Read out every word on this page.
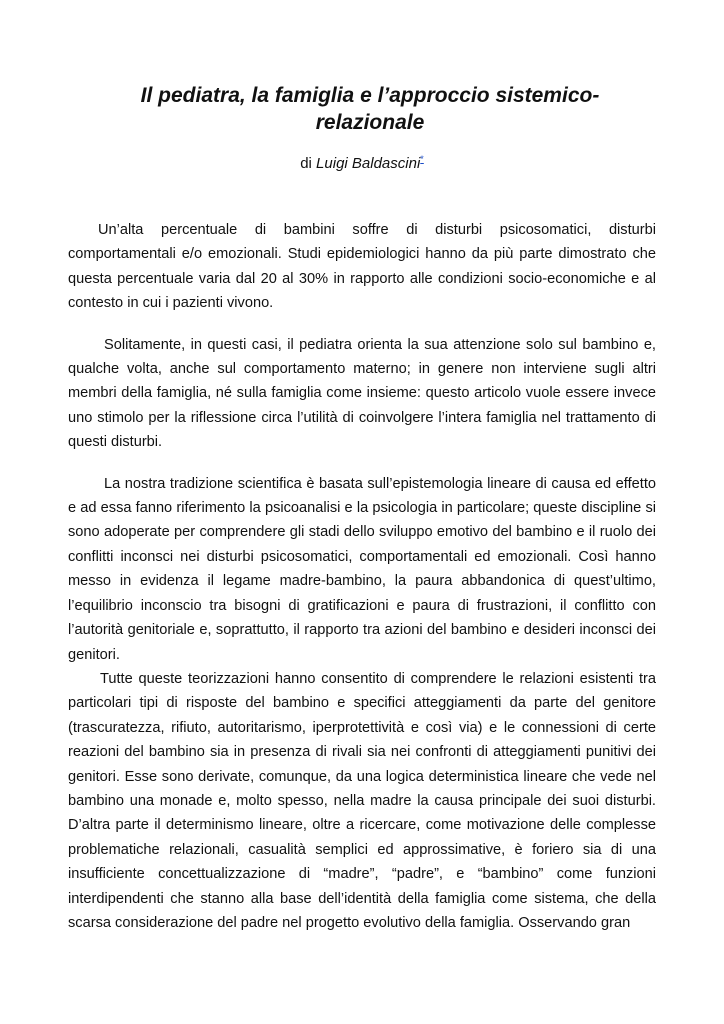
Il pediatra, la famiglia e l’approccio sistemico-relazionale
di Luigi Baldascini*

Un’alta percentuale di bambini soffre di disturbi psicosomatici, disturbi comportamentali e/o emozionali. Studi epidemiologici hanno da più parte dimostrato che questa percentuale varia dal 20 al 30% in rapporto alle condizioni socio-economiche e al contesto in cui i pazienti vivono.

Solitamente, in questi casi, il pediatra orienta la sua attenzione solo sul bambino e, qualche volta, anche sul comportamento materno; in genere non interviene sugli altri membri della famiglia, né sulla famiglia come insieme: questo articolo vuole essere invece uno stimolo per la riflessione circa l’utilità di coinvolgere l’intera famiglia nel trattamento di questi disturbi.

La nostra tradizione scientifica è basata sull’epistemologia lineare di causa ed effetto e ad essa fanno riferimento la psicoanalisi e la psicologia in particolare; queste discipline si sono adoperate per comprendere gli stadi dello sviluppo emotivo del bambino e il ruolo dei conflitti inconsci nei disturbi psicosomatici, comportamentali ed emozionali. Così hanno messo in evidenza il legame madre-bambino, la paura abbandonica di quest’ultimo, l’equilibrio inconscio tra bisogni di gratificazioni e paura di frustrazioni, il conflitto con l’autorità genitoriale e, soprattutto, il rapporto tra azioni del bambino e desideri inconsci dei genitori.

Tutte queste teorizzazioni hanno consentito di comprendere le relazioni esistenti tra particolari tipi di risposte del bambino e specifici atteggiamenti da parte del genitore (trascuratezza, rifiuto, autoritarismo, iperprotettività e così via) e le connessioni di certe reazioni del bambino sia in presenza di rivali sia nei confronti di atteggiamenti punitivi dei genitori. Esse sono derivate, comunque, da una logica deterministica lineare che vede nel bambino una monade e, molto spesso, nella madre la causa principale dei suoi disturbi. D’altra parte il determinismo lineare, oltre a ricercare, come motivazione delle complesse problematiche relazionali, casualità semplici ed approssimative, è foriero sia di una insufficiente concettualizzazione di “madre”, “padre”, e “bambino” come funzioni interdipendenti che stanno alla base dell’identità della famiglia come sistema, che della scarsa considerazione del padre nel progetto evolutivo della famiglia. Osservando gran
